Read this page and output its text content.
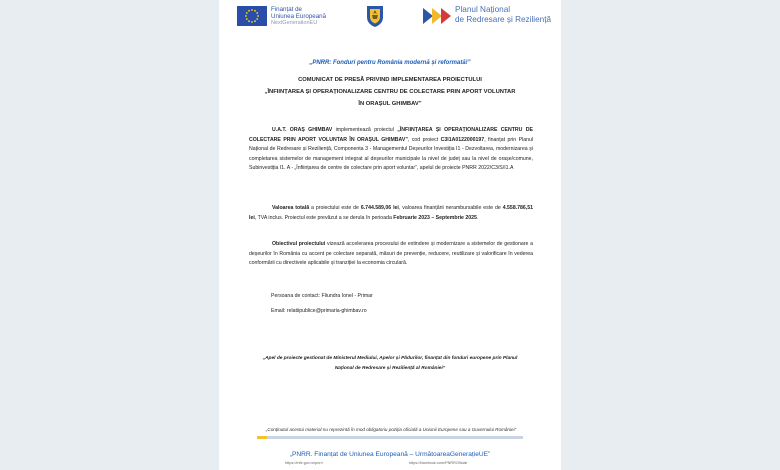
Finanțat de
Uniunea Europeană
NextGenerationEU
Planul Național
de Redresare și Reziliență
„PNRR: Fonduri pentru România modernă și reformată!”
COMUNICAT DE PRESĂ PRIVIND IMPLEMENTAREA PROIECTULUI
„ÎNFIINȚAREA ȘI OPERAȚIONALIZARE CENTRU DE COLECTARE PRIN APORT VOLUNTAR
ÎN ORAȘUL GHIMBAV”
U.A.T. ORAȘ GHIMBAV implementează proiectul „ÎNFIINȚAREA ȘI OPERAȚIONALIZARE CENTRU DE COLECTARE PRIN APORT VOLUNTAR ÎN ORAȘUL GHIMBAV”, cod proiect C3I1A0122000197, finanțat prin Planul Național de Redresare și Reziliență, Componenta 3 - Managementul Deșeurilor Investiția I1 - Dezvoltarea, modernizarea și completarea sistemelor de management integrat al deșeurilor municipale la nivel de județ sau la nivel de orașe/comune, Subinvestiția I1. A - „Înființarea de centre de colectare prin aport voluntar”, apelul de proiecte PNRR 2022/C3/S/I1.A
Valoarea totală a proiectului este de 6.744.589,06 lei, valoarea finanțării nerambursabile este de 4.558.786,51 lei, TVA inclus. Proiectul este prevăzut a se derula în perioada Februarie 2023 – Septembrie 2025.
Obiectivul proiectului vizează accelerarea procesului de extindere și modernizare a sistemelor de gestionare a deșeurilor în România cu accent pe colectare separată, măsuri de prevenție, reducere, reutilizare și valorificare în vederea conformării cu directivele aplicabile și tranziției la economia circulară.
Persoana de contact: Fliundra Ionel - Primar
Email: relatiipublice@primaria-ghimbav.ro
„Apel de proiecte gestionat de Ministerul Mediului, Apelor și Pădurilor, finanțat din fonduri europene prin Planul Național de Redresare și Reziliență al României”
„Conținutul acestui material nu reprezintă în mod obligatoriu poziția oficială a Uniunii Europene sau a Guvernului României”
„PNRR. Finanțat de Uniunea Europeană – UrmătoareaGenerațieUE”
https://mfe.gov.ro/pnrr/	https://facebook.com/PNRROficial/
